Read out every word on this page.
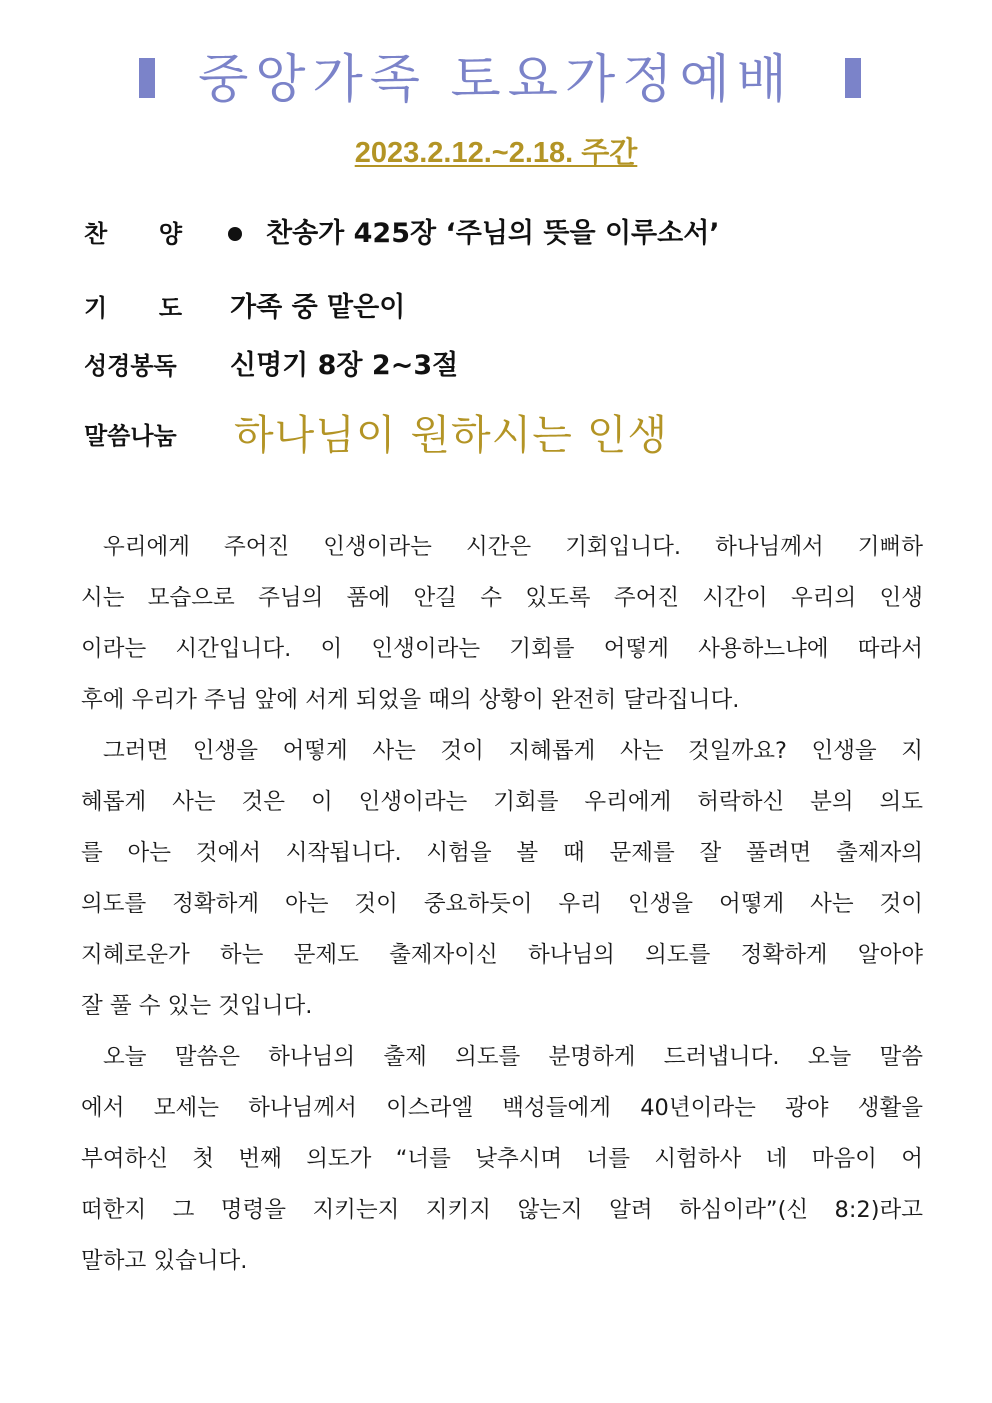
중앙가족 토요가정예배
2023.2.12.~2.18. 주간
찬 양	찬송가 425장 ‘주님의 뜻을 이루소서’
기 도 가족 중 맡은이
성경봉독 신명기 8장 2~3절
말씀나눔 하나님이 원하시는 인생
우리에게 주어진 인생이라는 시간은 기회입니다. 하나님께서 기뻐하
시는 모습으로 주님의 품에 안길 수 있도록 주어진 시간이 우리의 인생
이라는 시간입니다. 이 인생이라는 기회를 어떻게 사용하느냐에 따라서
후에 우리가 주님 앞에 서게 되었을 때의 상황이 완전히 달라집니다.
그러면 인생을 어떻게 사는 것이 지혜롭게 사는 것일까요? 인생을 지
혜롭게 사는 것은 이 인생이라는 기회를 우리에게 허락하신 분의 의도
를 아는 것에서 시작됩니다. 시험을 볼 때 문제를 잘 풀려면 출제자의
의도를 정확하게 아는 것이 중요하듯이 우리 인생을 어떻게 사는 것이
지혜로운가 하는 문제도 출제자이신 하나님의 의도를 정확하게 알아야
잘 풀 수 있는 것입니다.
오늘 말씀은 하나님의 출제 의도를 분명하게 드러냅니다. 오늘 말씀
에서 모세는 하나님께서 이스라엘 백성들에게 40년이라는 광야 생활을
부여하신 첫 번째 의도가 “너를 낮추시며 너를 시험하사 네 마음이 어
떠한지 그 명령을 지키는지 지키지 않는지 알려 하심이라”(신 8:2)라고
말하고 있습니다.
